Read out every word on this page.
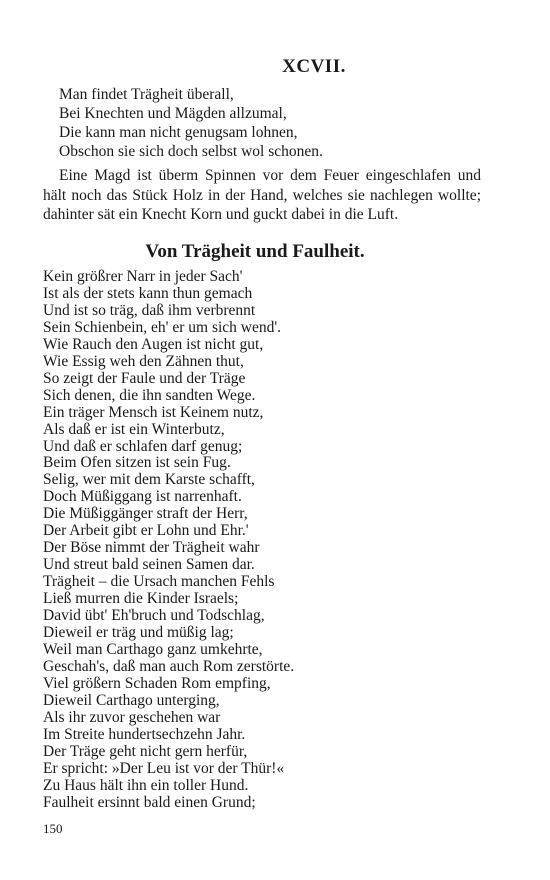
XCVII.
Man findet Trägheit überall,
Bei Knechten und Mägden allzumal,
Die kann man nicht genugsam lohnen,
Obschon sie sich doch selbst wol schonen.

Eine Magd ist überm Spinnen vor dem Feuer eingeschlafen und hält noch das Stück Holz in der Hand, welches sie nachlegen wollte; dahinter sät ein Knecht Korn und guckt dabei in die Luft.

Von Trägheit und Faulheit.
Kein größrer Narr in jeder Sach'
Ist als der stets kann thun gemach
Und ist so träg, daß ihm verbrennt
Sein Schienbein, eh' er um sich wend'.
Wie Rauch den Augen ist nicht gut,
Wie Essig weh den Zähnen thut,
So zeigt der Faule und der Träge
Sich denen, die ihn sandten Wege.
Ein träger Mensch ist Keinem nutz,
Als daß er ist ein Winterbutz,
Und daß er schlafen darf genug;
Beim Ofen sitzen ist sein Fug.
Selig, wer mit dem Karste schafft,
Doch Müßiggang ist narrenhaft.
Die Müßiggänger straft der Herr,
Der Arbeit gibt er Lohn und Ehr.'
Der Böse nimmt der Trägheit wahr
Und streut bald seinen Samen dar.
Trägheit – die Ursach manchen Fehls
Ließ murren die Kinder Israels;
David übt' Eh'bruch und Todschlag,
Dieweil er träg und müßig lag;
Weil man Carthago ganz umkehrte,
Geschah's, daß man auch Rom zerstörte.
Viel größern Schaden Rom empfing,
Dieweil Carthago unterging,
Als ihr zuvor geschehen war
Im Streite hundertsechzehn Jahr.
Der Träge geht nicht gern herfür,
Er spricht: »Der Leu ist vor der Thür!«
Zu Haus hält ihn ein toller Hund.
Faulheit ersinnt bald einen Grund;
150
